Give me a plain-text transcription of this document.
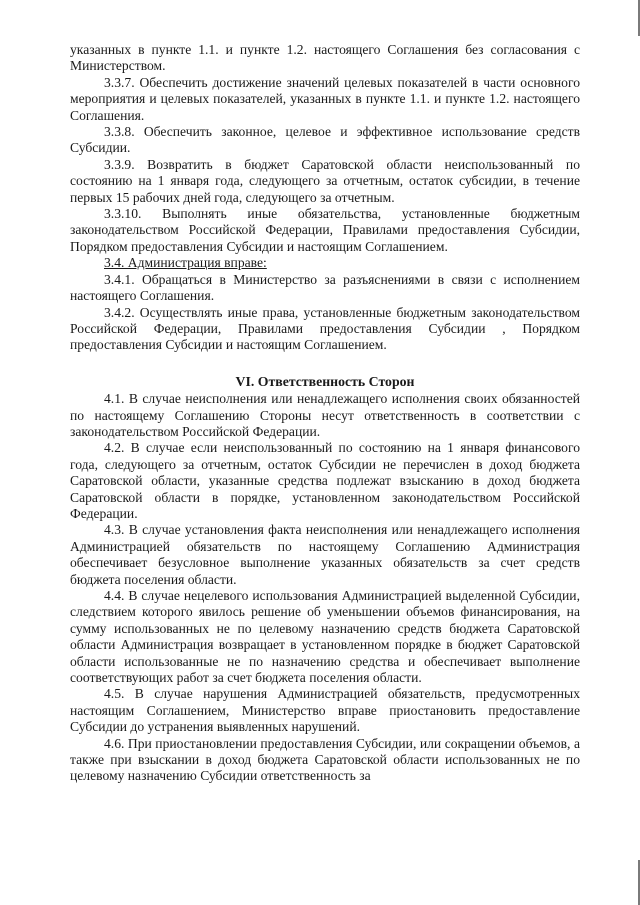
указанных в пункте 1.1. и пункте 1.2. настоящего Соглашения без согласования с Министерством.

3.3.7. Обеспечить достижение значений целевых показателей в части основного мероприятия и целевых показателей, указанных в пункте 1.1. и пункте 1.2. настоящего Соглашения.

3.3.8. Обеспечить законное, целевое и эффективное использование средств Субсидии.

3.3.9. Возвратить в бюджет Саратовской области неиспользованный по состоянию на 1 января года, следующего за отчетным, остаток субсидии, в течение первых 15 рабочих дней года, следующего за отчетным.

3.3.10. Выполнять иные обязательства, установленные бюджетным законодательством Российской Федерации, Правилами предоставления Субсидии, Порядком предоставления Субсидии и настоящим Соглашением.

3.4. Администрация вправе:

3.4.1. Обращаться в Министерство за разъяснениями в связи с исполнением настоящего Соглашения.

3.4.2. Осуществлять иные права, установленные бюджетным законодательством Российской Федерации, Правилами предоставления Субсидии , Порядком предоставления Субсидии и настоящим Соглашением.

VI. Ответственность Сторон

4.1. В случае неисполнения или ненадлежащего исполнения своих обязанностей по настоящему Соглашению Стороны несут ответственность в соответствии с законодательством Российской Федерации.

4.2. В случае если неиспользованный по состоянию на 1 января финансового года, следующего за отчетным, остаток Субсидии не перечислен в доход бюджета Саратовской области, указанные средства подлежат взысканию в доход бюджета Саратовской области в порядке, установленном законодательством Российской Федерации.

4.3. В случае установления факта неисполнения или ненадлежащего исполнения Администрацией обязательств по настоящему Соглашению Администрация обеспечивает безусловное выполнение указанных обязательств за счет средств бюджета поселения области.

4.4. В случае нецелевого использования Администрацией выделенной Субсидии, следствием которого явилось решение об уменьшении объемов финансирования, на сумму использованных не по целевому назначению средств бюджета Саратовской области Администрация возвращает в установленном порядке в бюджет Саратовской области использованные не по назначению средства и обеспечивает выполнение соответствующих работ за счет бюджета поселения области.

4.5. В случае нарушения Администрацией обязательств, предусмотренных настоящим Соглашением, Министерство вправе приостановить предоставление Субсидии до устранения выявленных нарушений.

4.6. При приостановлении предоставления Субсидии, или сокращении объемов, а также при взыскании в доход бюджета Саратовской области использованных не по целевому назначению Субсидии ответственность за
